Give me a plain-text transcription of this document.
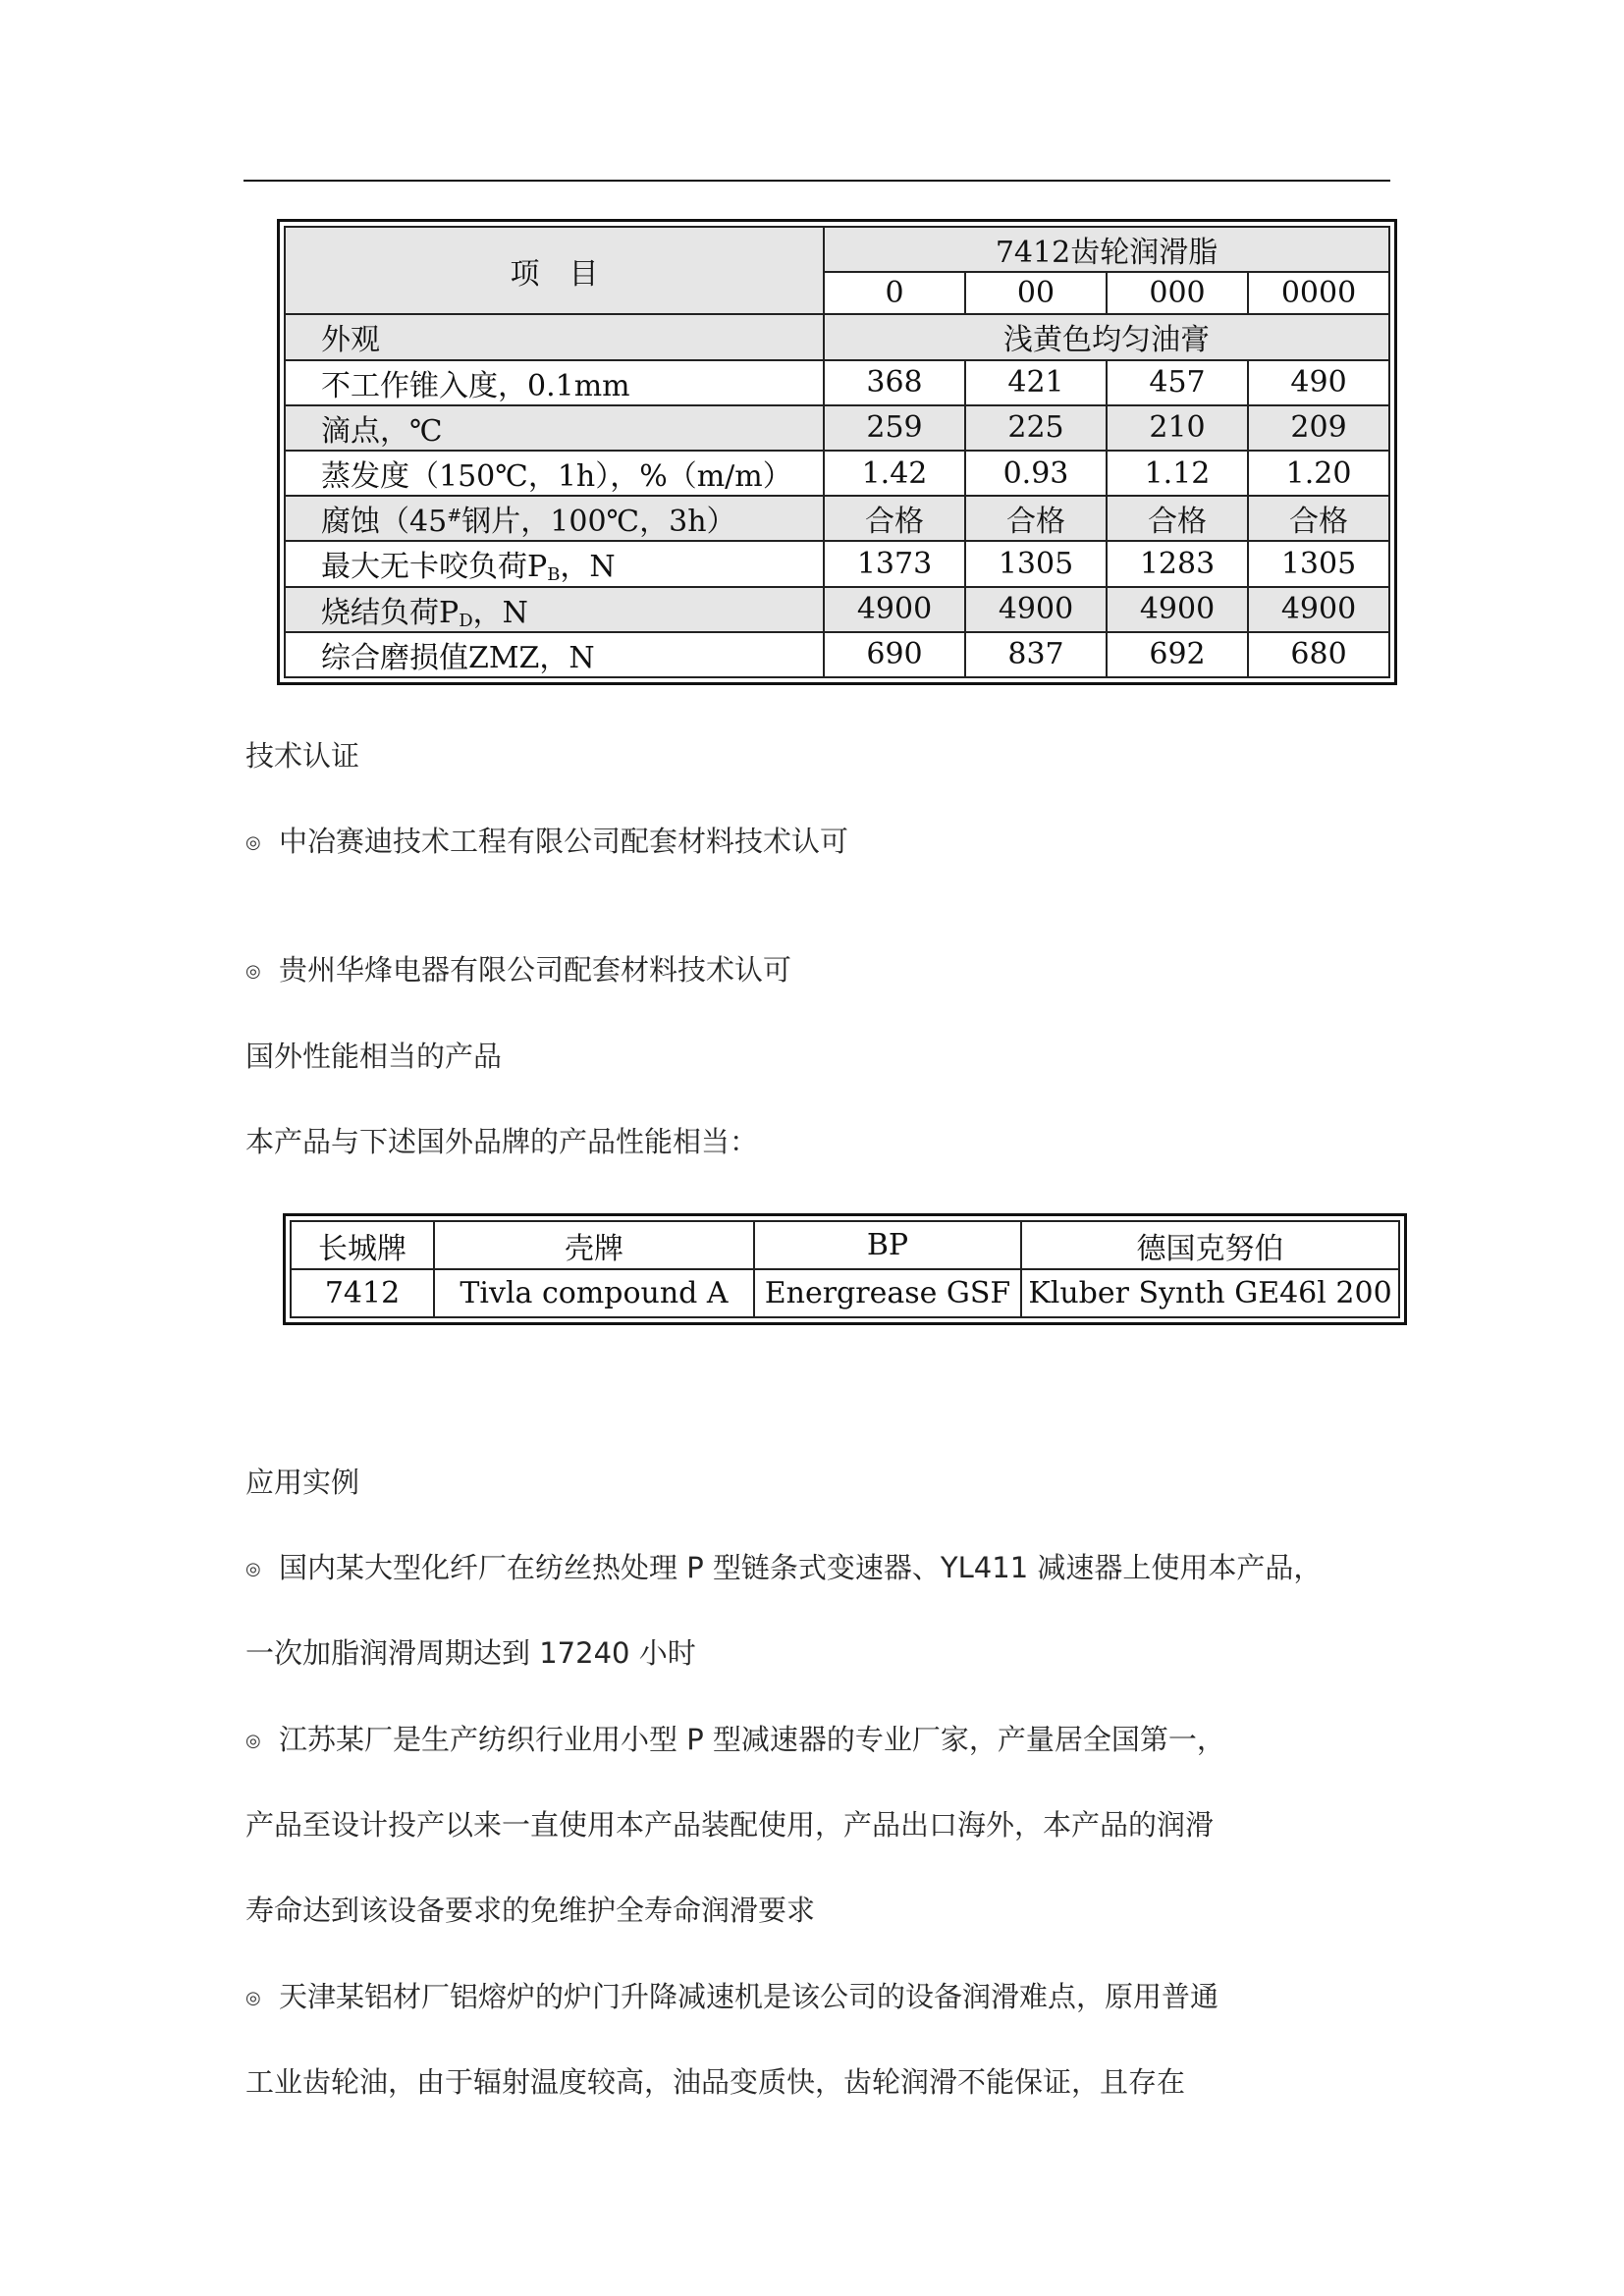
项　目	7412齿轮润滑脂			
	0	00	000	0000
外观	浅黄色均匀油膏			
不工作锥入度，0.1mm	368	421	457	490
滴点，℃	259	225	210	209
蒸发度（150℃，1h），%（m/m）	1.42	0.93	1.12	1.20
腐蚀（45#钢片，100℃，3h）	合格	合格	合格	合格
最大无卡咬负荷$P_B$，N	1373	1305	1283	1305
烧结负荷$P_D$，N	4900	4900	4900	4900
综合磨损值ZMZ，N	690	837	692	680
技术认证
◎ 中冶赛迪技术工程有限公司配套材料技术认可
◎ 贵州华烽电器有限公司配套材料技术认可
国外性能相当的产品
本产品与下述国外品牌的产品性能相当：
长城牌	壳牌	BP	德国克努伯
7412	Tivla compound A	Energrease GSF	Kluber Synth GE46l 200
应用实例
◎ 国内某大型化纤厂在纺丝热处理 P 型链条式变速器、YL411 减速器上使用本产品，
一次加脂润滑周期达到 17240 小时
◎ 江苏某厂是生产纺织行业用小型 P 型减速器的专业厂家，产量居全国第一，
产品至设计投产以来一直使用本产品装配使用，产品出口海外，本产品的润滑
寿命达到该设备要求的免维护全寿命润滑要求
◎ 天津某铝材厂铝熔炉的炉门升降减速机是该公司的设备润滑难点，原用普通
工业齿轮油，由于辐射温度较高，油品变质快，齿轮润滑不能保证，且存在
